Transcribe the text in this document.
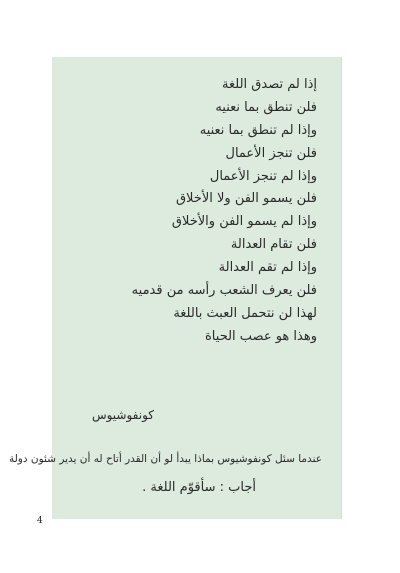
إذا لم تصدق اللغة
فلن تنطق بما نعنيه
وإذا لم تنطق بما نعنيه
فلن تنجز الأعمال
وإذا لم تنجز الأعمال
فلن يسمو الفن ولا الأخلاق
وإذا لم يسمو الفن والأخلاق
فلن تقام العدالة
وإذا لم تقم العدالة
فلن يعرف الشعب رأسه من قدميه
لهذا لن نتحمل العبث باللغة
وهذا هو عصب الحياة
كونفوشيوس
عندما سئل كونفوشيوس بماذا يبدأ لو أن القدر أتاح له أن يدير شئون دولة
أجاب : سأقوّم اللغة .
4
